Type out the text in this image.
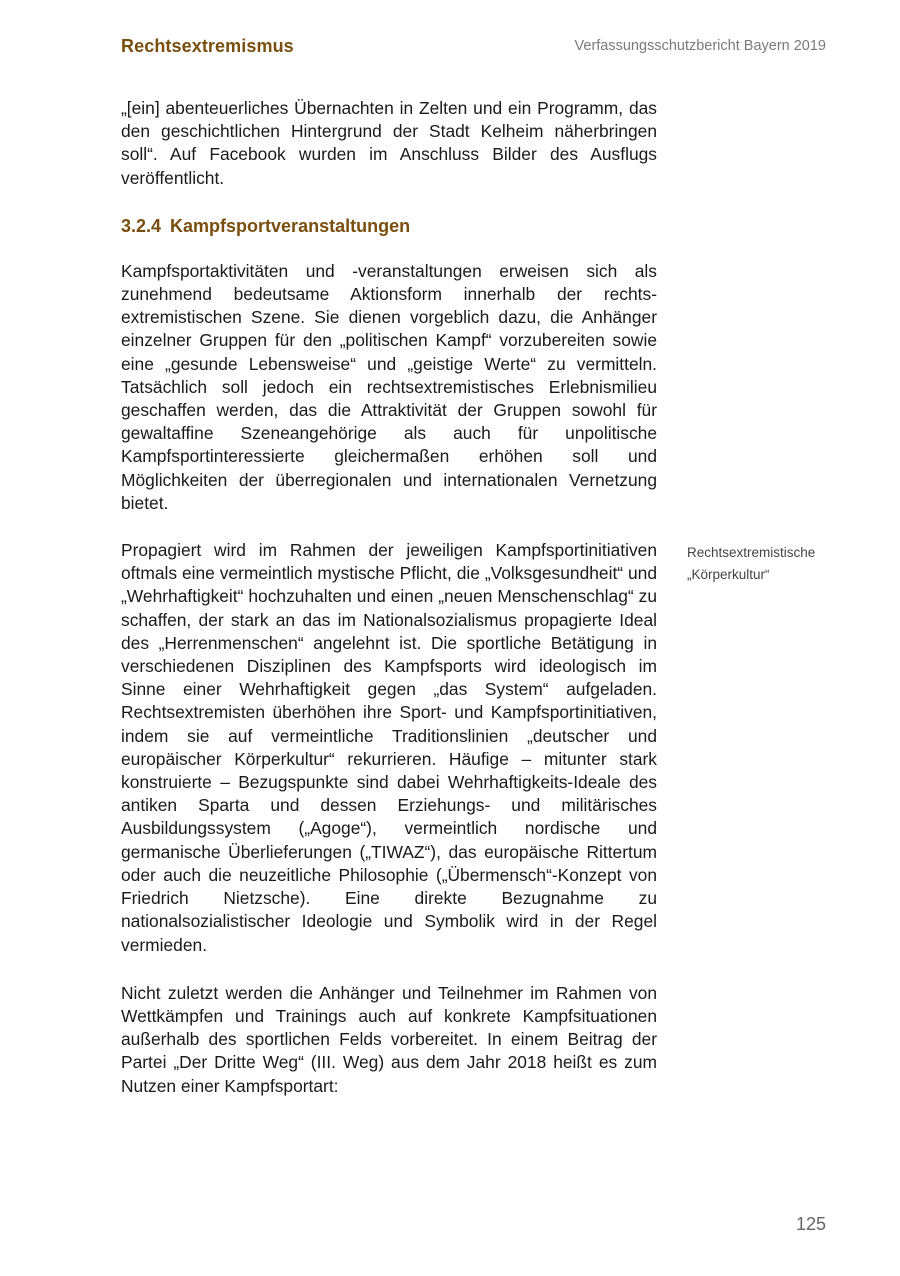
Rechtsextremismus	Verfassungsschutzbericht Bayern 2019

„[ein] abenteuerliches Übernachten in Zelten und ein Programm, das den geschichtlichen Hintergrund der Stadt Kelheim näherbringen soll“. Auf Facebook wurden im Anschluss Bilder des Ausflugs veröffentlicht.

3.2.4 Kampfsportveranstaltungen

Kampfsportaktivitäten und -veranstaltungen erweisen sich als zunehmend bedeutsame Aktionsform innerhalb der rechtsextremistischen Szene. Sie dienen vorgeblich dazu, die Anhänger einzelner Gruppen für den „politischen Kampf“ vorzubereiten sowie eine „gesunde Lebensweise“ und „geistige Werte“ zu vermitteln. Tatsächlich soll jedoch ein rechtsextremistisches Erlebnismilieu geschaffen werden, das die Attraktivität der Gruppen sowohl für gewaltaffine Szeneangehörige als auch für unpolitische Kampfsportinteressierte gleichermaßen erhöhen soll und Möglichkeiten der überregionalen und internationalen Vernetzung bietet.

Propagiert wird im Rahmen der jeweiligen Kampfsportinitiativen oftmals eine vermeintlich mystische Pflicht, die „Volksgesundheit“ und „Wehrhaftigkeit“ hochzuhalten und einen „neuen Menschenschlag“ zu schaffen, der stark an das im Nationalsozialismus propagierte Ideal des „Herrenmenschen“ angelehnt ist. Die sportliche Betätigung in verschiedenen Disziplinen des Kampfsports wird ideologisch im Sinne einer Wehrhaftigkeit gegen „das System“ aufgeladen. Rechtsextremisten überhöhen ihre Sport- und Kampfsportinitiativen, indem sie auf vermeintliche Traditionslinien „deutscher und europäischer Körperkultur“ rekurrieren. Häufige – mitunter stark konstruierte – Bezugspunkte sind dabei Wehrhaftigkeits-Ideale des antiken Sparta und dessen Erziehungs- und militärisches Ausbildungssystem („Agoge“), vermeintlich nordische und germanische Überlieferungen („TIWAZ“), das europäische Rittertum oder auch die neuzeitliche Philosophie („Übermensch“-Konzept von Friedrich Nietzsche). Eine direkte Bezugnahme zu nationalsozialistischer Ideologie und Symbolik wird in der Regel vermieden.

Nicht zuletzt werden die Anhänger und Teilnehmer im Rahmen von Wettkämpfen und Trainings auch auf konkrete Kampfsituationen außerhalb des sportlichen Felds vorbereitet. In einem Beitrag der Partei „Der Dritte Weg“ (III. Weg) aus dem Jahr 2018 heißt es zum Nutzen einer Kampfsportart:

Rechtsextremistische
„Körperkultur“
125
